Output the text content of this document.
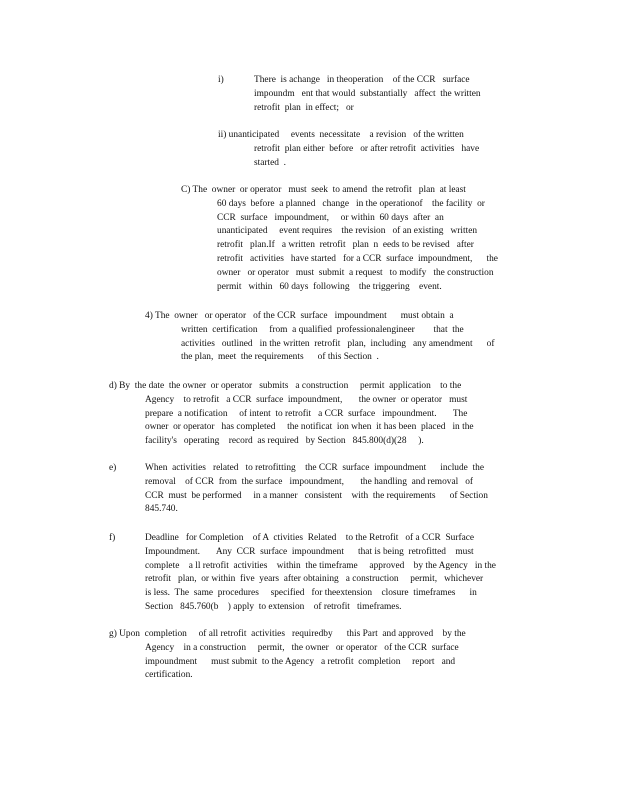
i)	There  is achange   in theoperation    of the CCR   surface
impoundm   ent that would  substantially   affect  the written
retrofit  plan  in effect;   or
ii) unanticipated     events  necessitate    a revision   of the written
retrofit  plan either  before   or after retrofit  activities   have
started  .
C) The  owner  or operator   must  seek  to amend  the retrofit   plan  at least
60 days  before  a planned   change   in the operationof    the facility  or
CCR  surface   impoundment,     or within  60 days  after  an
unanticipated     event requires    the revision   of an existing   written
retrofit   plan.If   a written  retrofit   plan  n  eeds to be revised   after
retrofit   activities   have started   for a CCR  surface  impoundment,      the
owner   or operator   must  submit  a request   to modify   the construction
permit   within   60 days  following    the triggering    event.
4) The  owner   or operator   of the CCR  surface   impoundment      must obtain  a
written  certification     from  a qualified  professionalengineer        that  the
activities   outlined   in the written  retrofit   plan,  including   any amendment      of
the plan,  meet  the requirements      of this Section  .
d) By  the date  the owner  or operator   submits   a construction     permit  application    to the
Agency    to retrofit   a CCR  surface  impoundment,       the owner  or operator   must
prepare  a notification     of intent  to retrofit   a CCR  surface   impoundment.       The
owner  or operator   has completed     the notificat  ion when  it has been  placed   in the
facility's   operating    record  as required   by Section   845.800(d)(28     ).
e)	When  activities   related   to retrofitting    the CCR  surface  impoundment      include  the
removal    of CCR  from  the surface   impoundment,       the handling  and removal   of
CCR  must  be performed     in a manner   consistent    with  the requirements      of Section
845.740.
f)	Deadline   for Completion    of A  ctivities  Related    to the Retrofit   of a CCR  Surface
Impoundment.       Any  CCR  surface  impoundment      that is being  retrofitted    must
complete    a ll retrofit  activities    within  the timeframe     approved    by the Agency   in the
retrofit   plan,  or within  five  years  after obtaining   a construction     permit,   whichever
is less.  The  same  procedures     specified   for theextension    closure  timeframes      in
Section   845.760(b    ) apply  to extension    of retrofit   timeframes.
g) Upon  completion     of all retrofit  activities   requiredby      this Part  and approved    by the
Agency    in a construction     permit,   the owner   or operator   of the CCR  surface
impoundment      must submit  to the Agency   a retrofit  completion     report   and
certification.
